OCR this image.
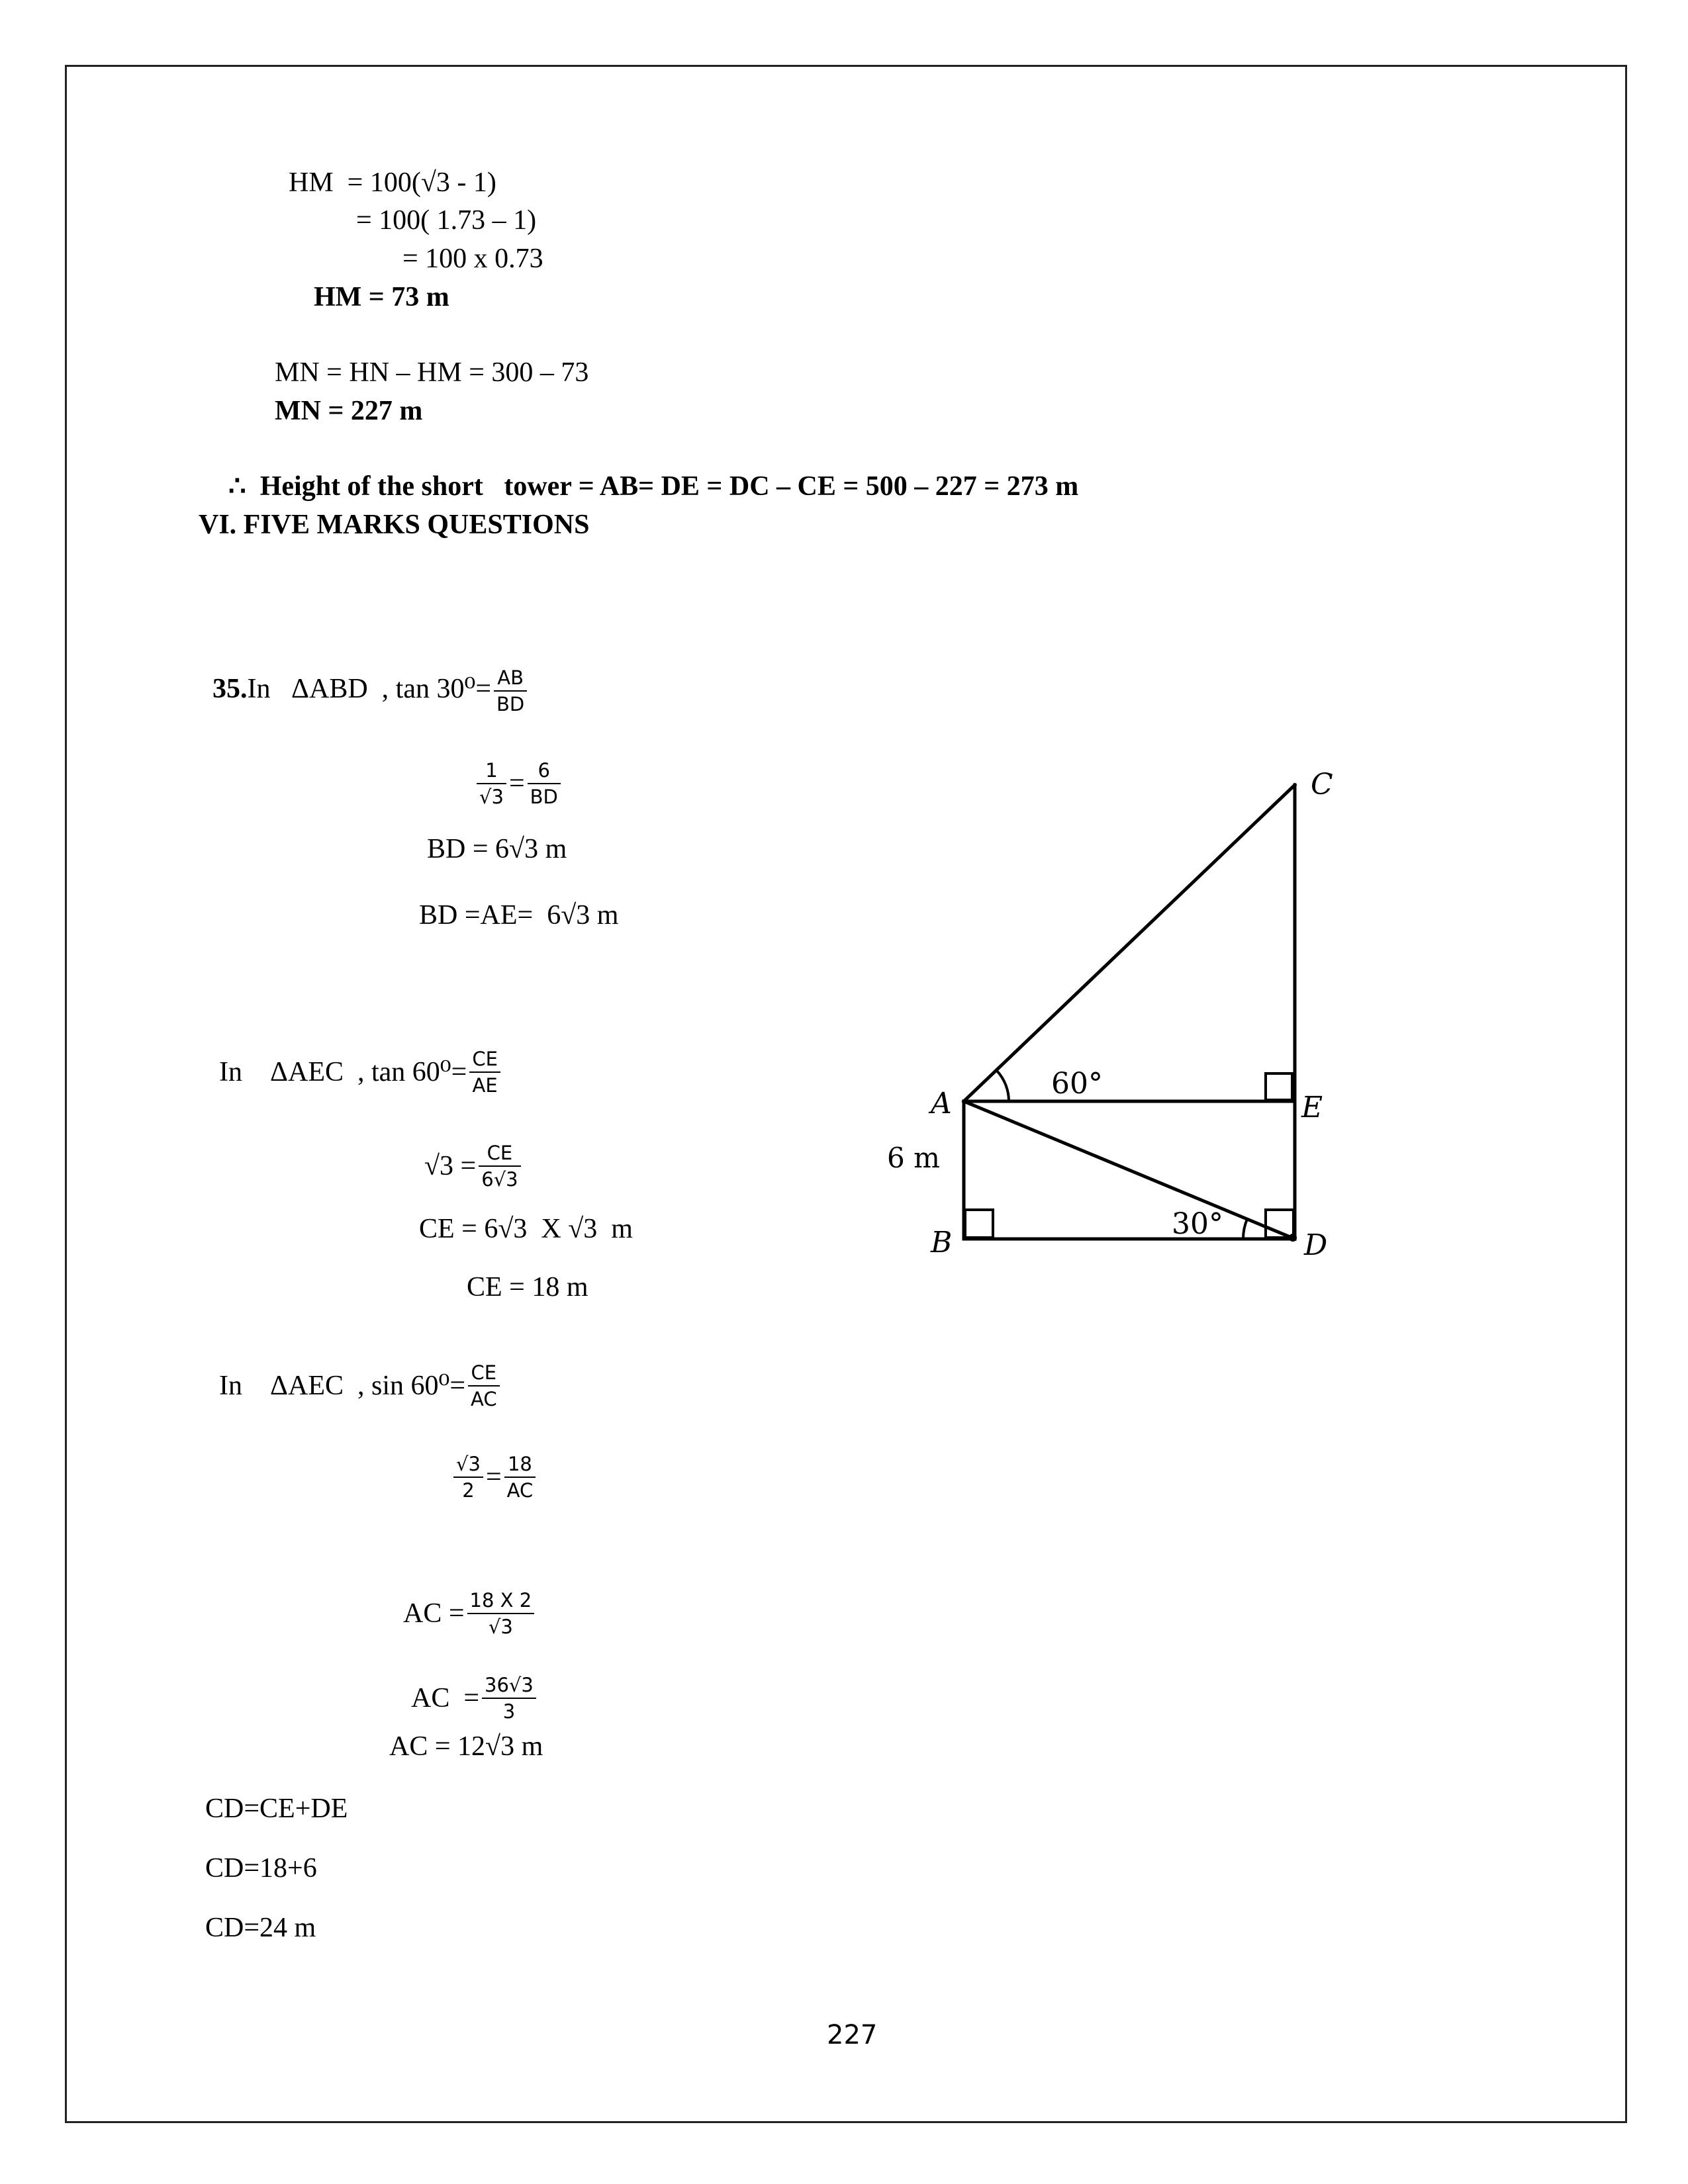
HM  = 100(√3 - 1)
= 100( 1.73 – 1)
= 100 x 0.73
HM = 73 m
MN = HN – HM = 300 – 73
MN = 227 m
∴  Height of the short   tower = AB= DE = DC – CE = 500 – 227 = 273 m
VI. FIVE MARKS QUESTIONS

35.In   ΔABD  , $\tan 30^0= \frac{AB}{BD}$

$\frac{1}{√3} = \frac{6}{BD}$

BD = 6√3 m
BD =AE=  6√3 m

In    ΔAEC  , $\tan 60^0= \frac{CE}{AE}$

$√3 = \frac{CE}{6√3}$

CE = 6√3  X √3  m
CE = 18 m

In    ΔAEC  , $\sin 60^0= \frac{CE}{AC}$

$\frac{√3}{2} = \frac{18}{AC}$

AC = $\frac{18 X 2}{√3}$

AC  = $\frac{36√3}{3}$

AC = 12√3 m
CD=CE+DE
CD=18+6
CD=24 m
C
A	E
B	D
60°
30°
6 m
227
